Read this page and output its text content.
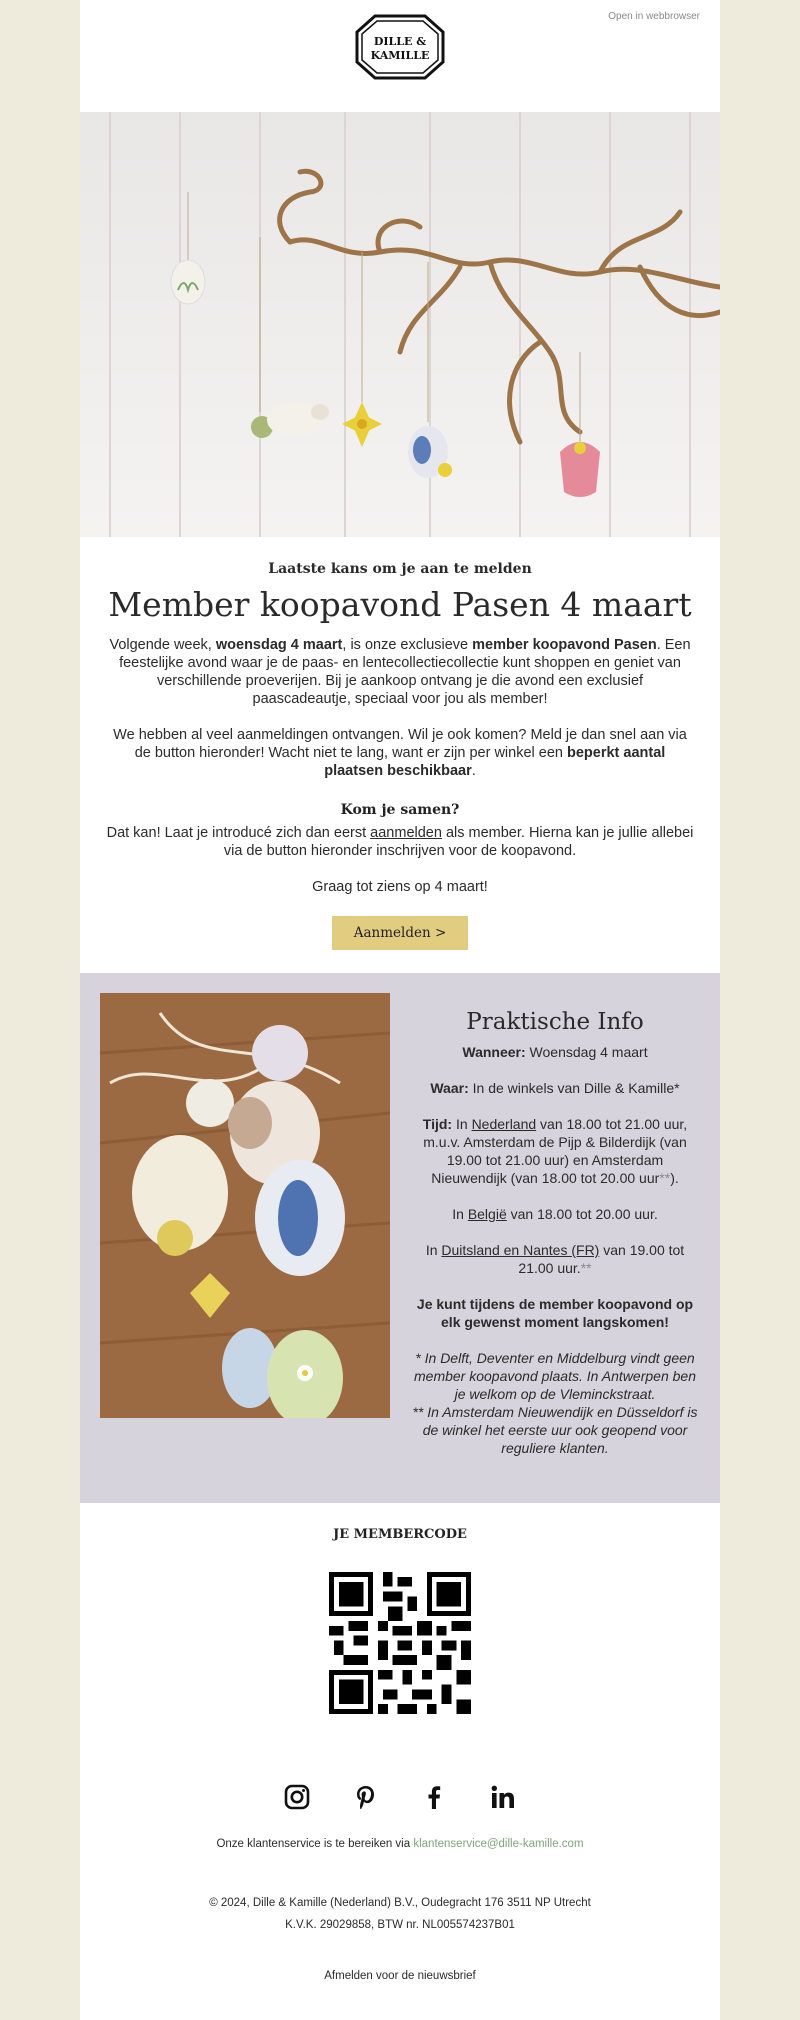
Open in webbrowser
DILLE &
KAMILLE
Laatste kans om je aan te melden
Member koopavond Pasen 4 maart

Volgende week, woensdag 4 maart, is onze exclusieve member koopavond Pasen. Een feestelijke avond waar je de paas- en lentecollectiecollectie kunt shoppen en geniet van verschillende proeverijen. Bij je aankoop ontvang je die avond een exclusief paascadeautje, speciaal voor jou als member!

We hebben al veel aanmeldingen ontvangen. Wil je ook komen? Meld je dan snel aan via de button hieronder! Wacht niet te lang, want er zijn per winkel een beperkt aantal plaatsen beschikbaar.

Kom je samen?

Dat kan! Laat je introducé zich dan eerst aanmelden als member. Hierna kan je jullie allebei via de button hieronder inschrijven voor de koopavond.

Graag tot ziens op 4 maart!

Aanmelden >
Praktische Info
Wanneer: Woensdag 4 maart
Waar: In de winkels van Dille & Kamille*
Tijd: In Nederland van 18.00 tot 21.00 uur, m.u.v. Amsterdam de Pijp & Bilderdijk (van 19.00 tot 21.00 uur) en Amsterdam Nieuwendijk (van 18.00 tot 20.00 uur**).
In België van 18.00 tot 20.00 uur.
In Duitsland en Nantes (FR) van 19.00 tot 21.00 uur.**
Je kunt tijdens de member koopavond op elk gewenst moment langskomen!
* In Delft, Deventer en Middelburg vindt geen member koopavond plaats. In Antwerpen ben je welkom op de Vleminckstraat.
** In Amsterdam Nieuwendijk en Düsseldorf is de winkel het eerste uur ook geopend voor reguliere klanten.
JE MEMBERCODE

Onze klantenservice is te bereiken via klantenservice@dille-kamille.com
© 2024, Dille & Kamille (Nederland) B.V., Oudegracht 176 3511 NP Utrecht
K.V.K. 29029858, BTW nr. NL005574237B01
Afmelden voor de nieuwsbrief
